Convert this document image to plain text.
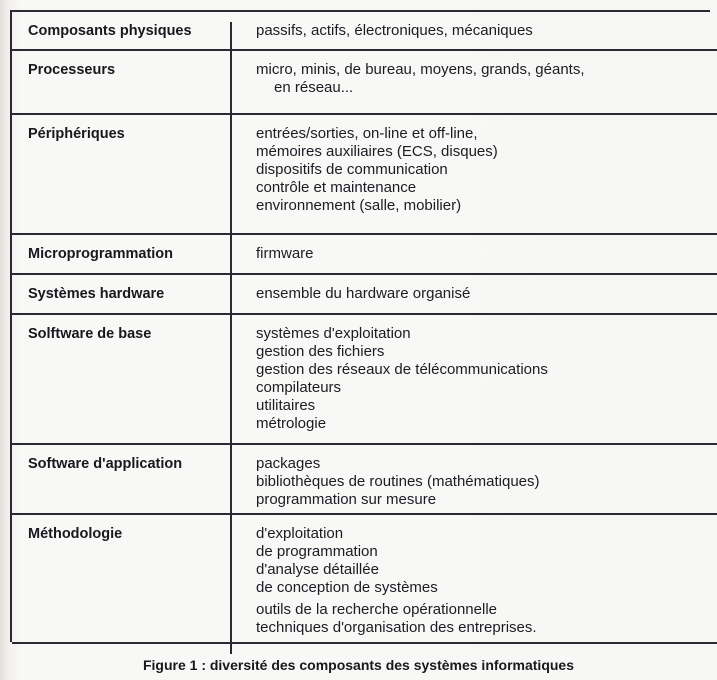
Composants physiques	passifs, actifs, électroniques, mécaniques
Processeurs	micro, minis, de bureau, moyens, grands, géants,
en réseau...
Périphériques	entrées/sorties, on-line et off-line,
mémoires auxiliaires (ECS, disques)
dispositifs de communication
contrôle et maintenance
environnement (salle, mobilier)
Microprogrammation	firmware
Systèmes hardware	ensemble du hardware organisé
Solftware de base	systèmes d'exploitation
gestion des fichiers
gestion des réseaux de télécommunications
compilateurs
utilitaires
métrologie
Software d'application	packages
bibliothèques de routines (mathématiques)
programmation sur mesure
Méthodologie	d'exploitation
de programmation
d'analyse détaillée
de conception de systèmes
outils de la recherche opérationnelle
techniques d'organisation des entreprises.
Figure 1 : diversité des composants des systèmes informatiques
